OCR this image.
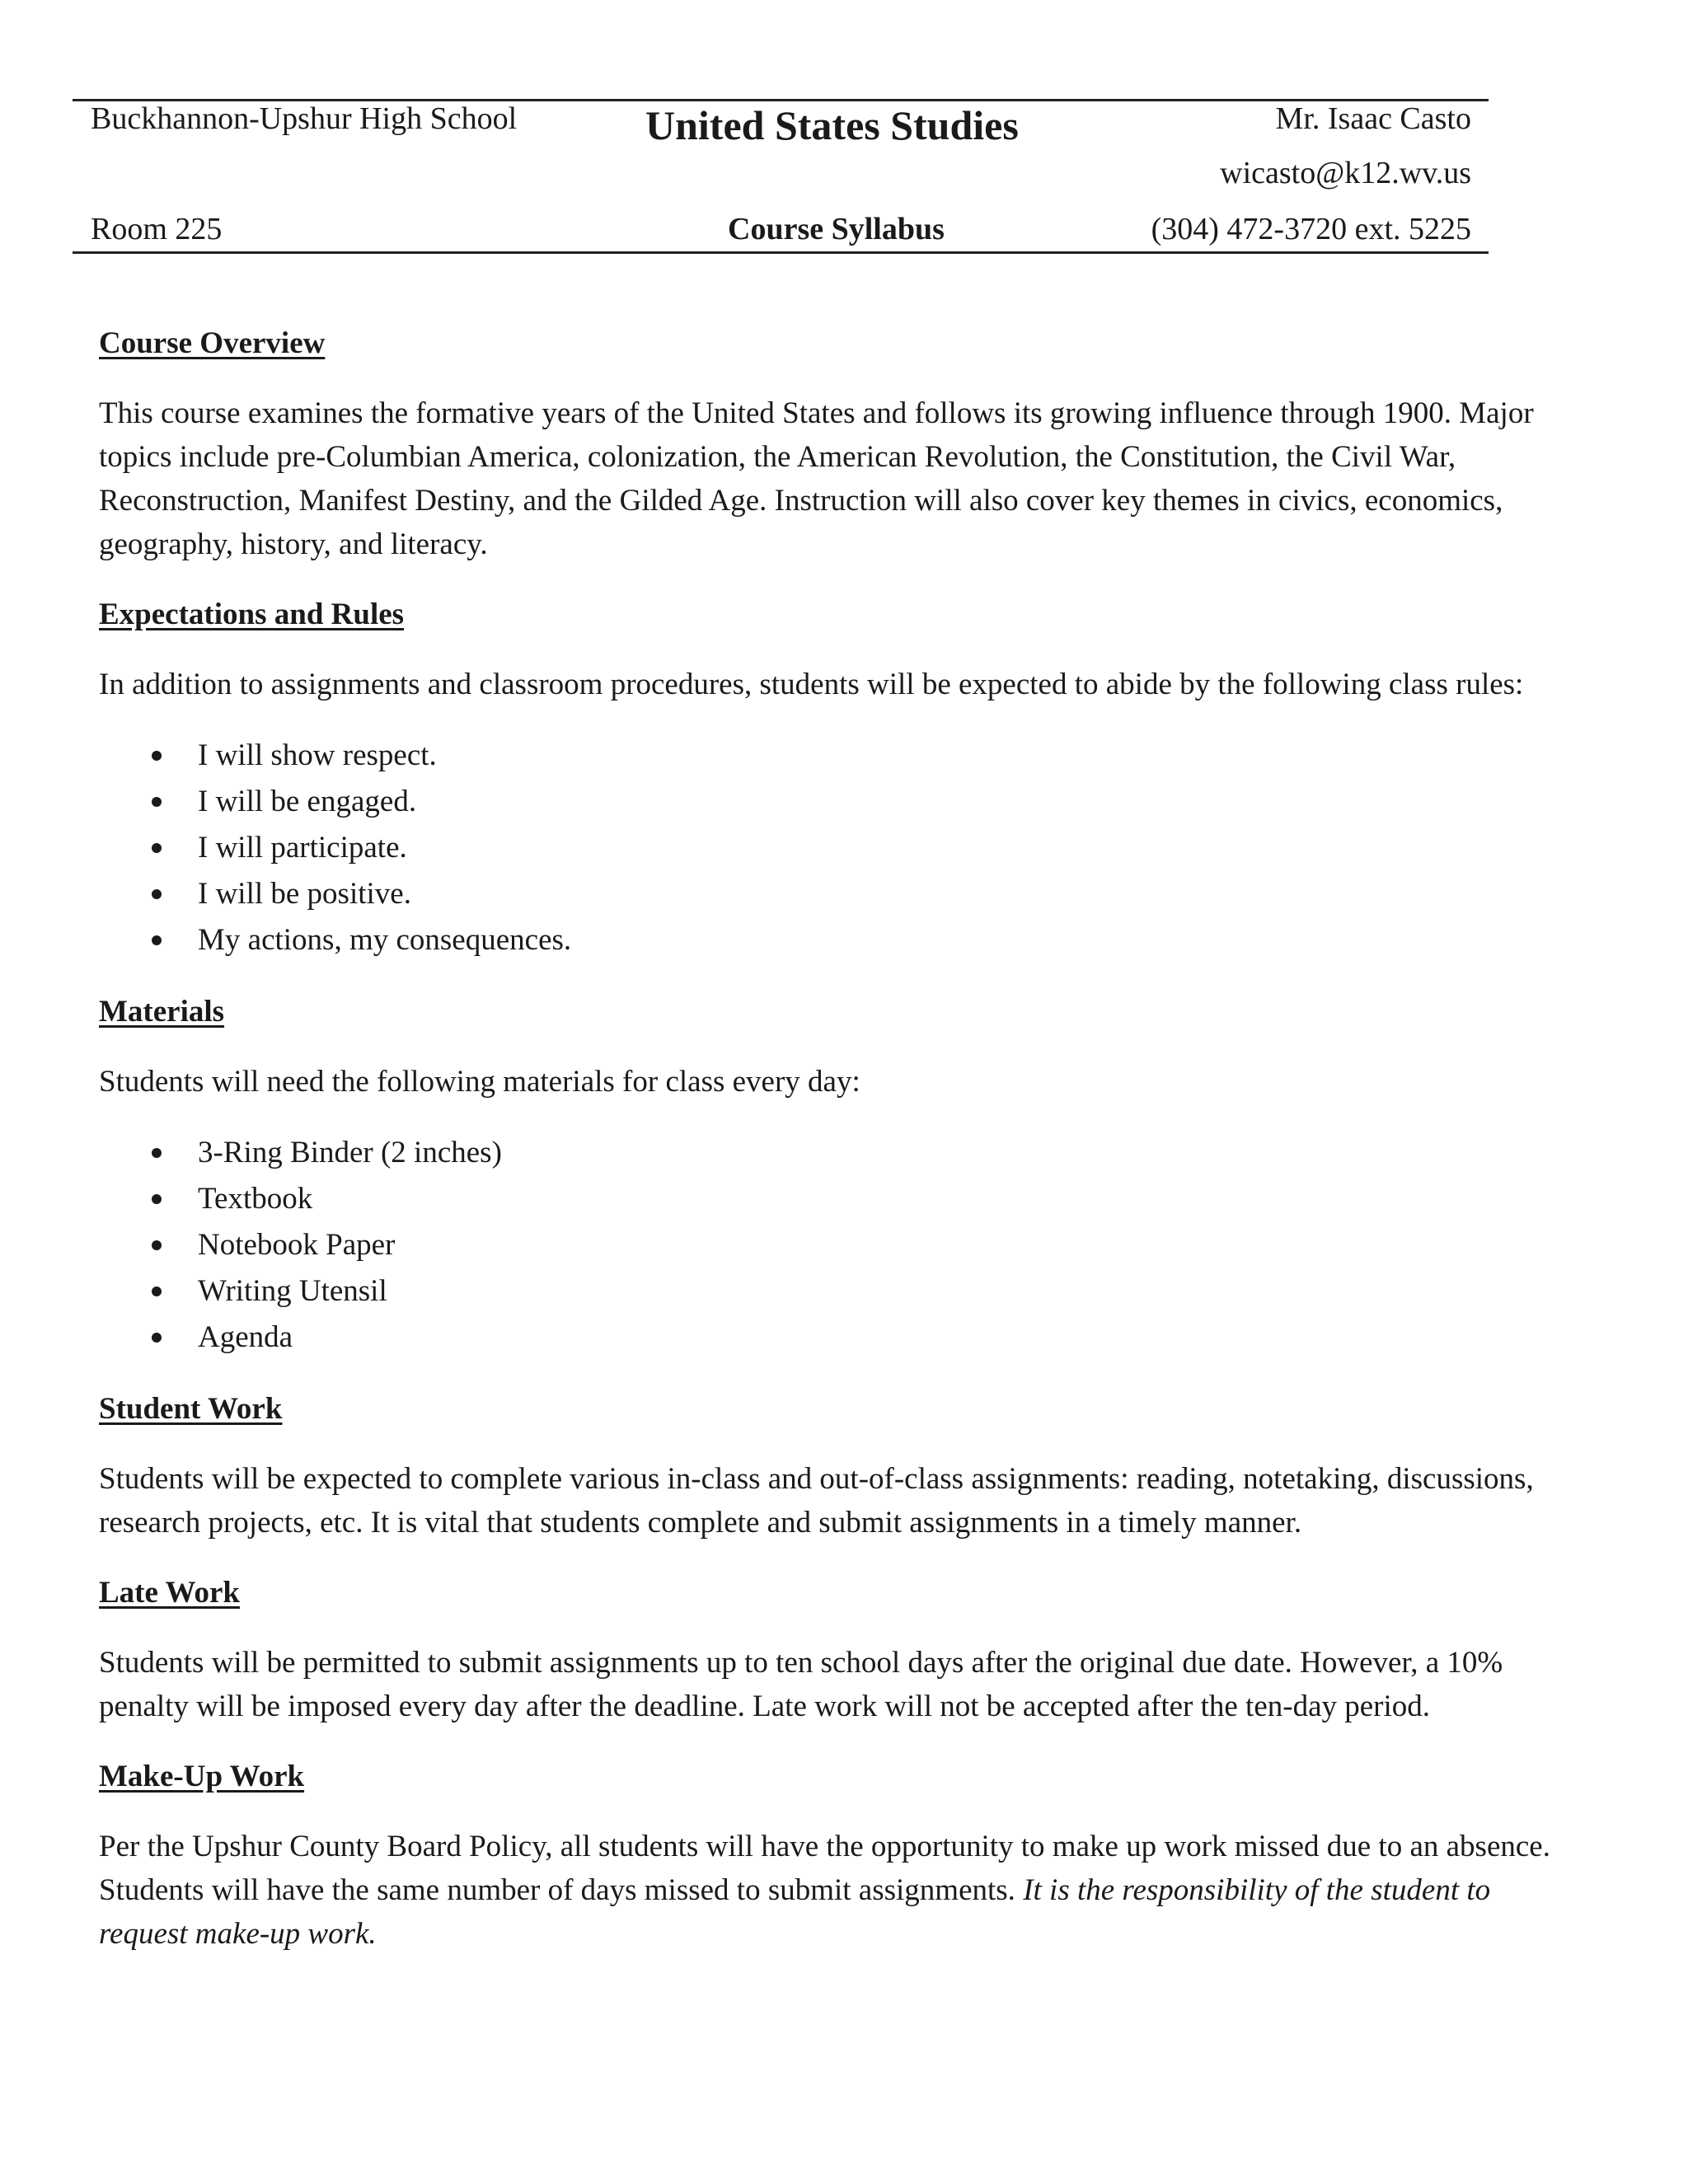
Buckhannon-Upshur High School	United States Studies	Mr. Isaac Casto
wicasto@k12.wv.us
Room 225	Course Syllabus	(304) 472-3720 ext. 5225
Course Overview
This course examines the formative years of the United States and follows its growing influence through 1900. Major topics include pre-Columbian America, colonization, the American Revolution, the Constitution, the Civil War, Reconstruction, Manifest Destiny, and the Gilded Age. Instruction will also cover key themes in civics, economics, geography, history, and literacy.
Expectations and Rules
In addition to assignments and classroom procedures, students will be expected to abide by the following class rules:
I will show respect.
I will be engaged.
I will participate.
I will be positive.
My actions, my consequences.
Materials
Students will need the following materials for class every day:
3-Ring Binder (2 inches)
Textbook
Notebook Paper
Writing Utensil
Agenda
Student Work
Students will be expected to complete various in-class and out-of-class assignments: reading, notetaking, discussions, research projects, etc. It is vital that students complete and submit assignments in a timely manner.
Late Work
Students will be permitted to submit assignments up to ten school days after the original due date. However, a 10% penalty will be imposed every day after the deadline. Late work will not be accepted after the ten-day period.
Make-Up Work
Per the Upshur County Board Policy, all students will have the opportunity to make up work missed due to an absence. Students will have the same number of days missed to submit assignments. It is the responsibility of the student to request make-up work.
